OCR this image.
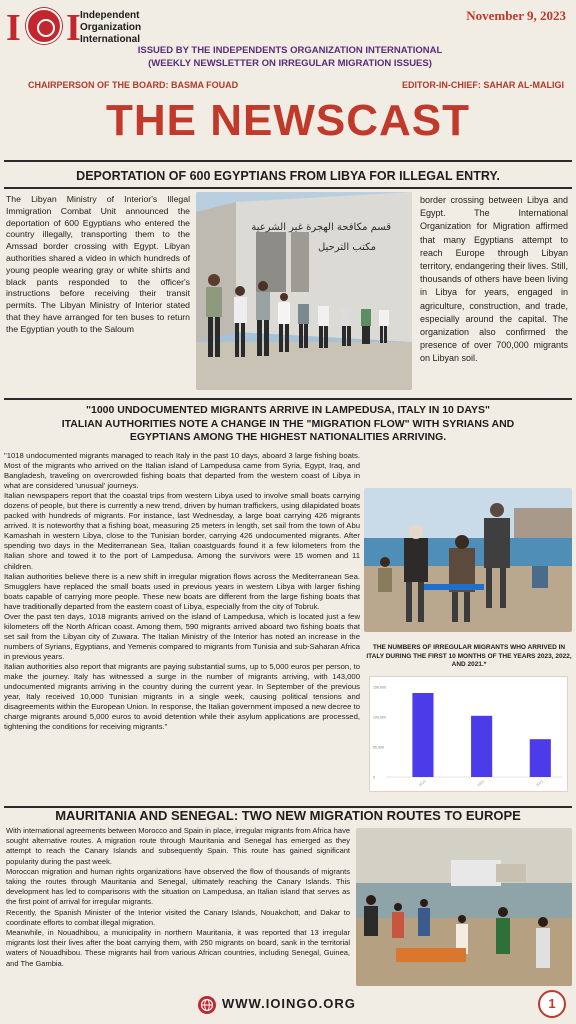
I I Independent
Organization
International
November 9, 2023
ISSUED BY THE INDEPENDENTS ORGANIZATION INTERNATIONAL
(WEEKLY NEWSLETTER ON IRREGULAR MIGRATION ISSUES)
CHAIRPERSON OF THE BOARD: BASMA FOUAD	EDITOR-IN-CHIEF: SAHAR AL-MALIGI
THE NEWSCAST
DEPORTATION OF 600 EGYPTIANS FROM LIBYA FOR ILLEGAL ENTRY.
The Libyan Ministry of Interior's Illegal Immigration Combat Unit announced the deportation of 600 Egyptians who entered the country illegally, transporting them to the Amssad border crossing with Egypt. Libyan authorities shared a video in which hundreds of young people wearing gray or white shirts and black pants responded to the officer's instructions before receiving their transit permits. The Libyan Ministry of Interior stated that they have arranged for ten buses to return the Egyptian youth to the Saloum
قسم مكافحة الهجرة غير الشرعية
مكتب الترحيل
border crossing between Libya and Egypt. The International Organization for Migration affirmed that many Egyptians attempt to reach Europe through Libyan territory, endangering their lives. Still, thousands of others have been living in Libya for years, engaged in agriculture, construction, and trade, especially around the capital. The organization also confirmed the presence of over 700,000 migrants on Libyan soil.
"1000 UNDOCUMENTED MIGRANTS ARRIVE IN LAMPEDUSA, ITALY IN 10 DAYS"
ITALIAN AUTHORITIES NOTE A CHANGE IN THE "MIGRATION FLOW" WITH SYRIANS AND
EGYPTIANS AMONG THE HIGHEST NATIONALITIES ARRIVING.

"1018 undocumented migrants managed to reach Italy in the past 10 days, aboard 3 large fishing boats. Most of the migrants who arrived on the Italian island of Lampedusa came from Syria, Egypt, Iraq, and Bangladesh, traveling on overcrowded fishing boats that departed from the western coast of Libya in what are considered 'unusual' journeys.

Italian newspapers report that the coastal trips from western Libya used to involve small boats carrying dozens of people, but there is currently a new trend, driven by human traffickers, using dilapidated boats packed with hundreds of migrants. For instance, last Wednesday, a large boat carrying 426 migrants arrived. It is noteworthy that a fishing boat, measuring 25 meters in length, set sail from the town of Abu Kamashah in western Libya, close to the Tunisian border, carrying 426 undocumented migrants. After spending two days in the Mediterranean Sea, Italian coastguards found it a few kilometers from the Italian shore and towed it to the port of Lampedusa. Among the survivors were 15 women and 11 children.

Italian authorities believe there is a new shift in irregular migration flows across the Mediterranean Sea. Smugglers have replaced the small boats used in previous years in western Libya with larger fishing boats capable of carrying more people. These new boats are different from the large fishing boats that have traditionally departed from the eastern coast of Libya, especially from the city of Tobruk.

Over the past ten days, 1018 migrants arrived on the island of Lampedusa, which is located just a few kilometers off the North African coast. Among them, 590 migrants arrived aboard two fishing boats that set sail from the Libyan city of Zuwara. The Italian Ministry of the Interior has noted an increase in the numbers of Syrians, Egyptians, and Yemenis compared to migrants from Tunisia and sub-Saharan Africa in previous years.

Italian authorities also report that migrants are paying substantial sums, up to 5,000 euros per person, to make the journey. Italy has witnessed a surge in the number of migrants arriving, with 143,000 undocumented migrants arriving in the country during the current year. In September of the previous year, Italy received 10,000 Tunisian migrants in a single week, causing political tensions and disagreements within the European Union. In response, the Italian government imposed a new decree to charge migrants around 5,000 euros to avoid detention while their asylum applications are processed, tightening the conditions for receiving migrants."

THE NUMBERS OF IRREGULAR MIGRANTS WHO ARRIVED IN ITALY DURING THE FIRST 10 MONTHS OF THE YEARS 2023, 2022, AND 2021.*
150,000
100,000
50,000
0
2023	2022	2021
MAURITANIA AND SENEGAL: TWO NEW MIGRATION ROUTES TO EUROPE

With international agreements between Morocco and Spain in place, irregular migrants from Africa have sought alternative routes. A migration route through Mauritania and Senegal has emerged as they attempt to reach the Canary Islands and subsequently Spain. This route has gained significant popularity during the past week.

Moroccan migration and human rights organizations have observed the flow of thousands of migrants taking the routes through Mauritania and Senegal, ultimately reaching the Canary Islands. This development has led to comparisons with the situation on Lampedusa, an Italian island that serves as the first point of arrival for irregular migrants.

Recently, the Spanish Minister of the Interior visited the Canary Islands, Nouakchott, and Dakar to coordinate efforts to combat illegal migration.

Meanwhile, in Nouadhibou, a municipality in northern Mauritania, it was reported that 13 irregular migrants lost their lives after the boat carrying them, with 250 migrants on board, sank in the territorial waters of Nouadhibou. These migrants hail from various African countries, including Senegal, Guinea, and The Gambia.

WWW.IOINGO.ORG	1
